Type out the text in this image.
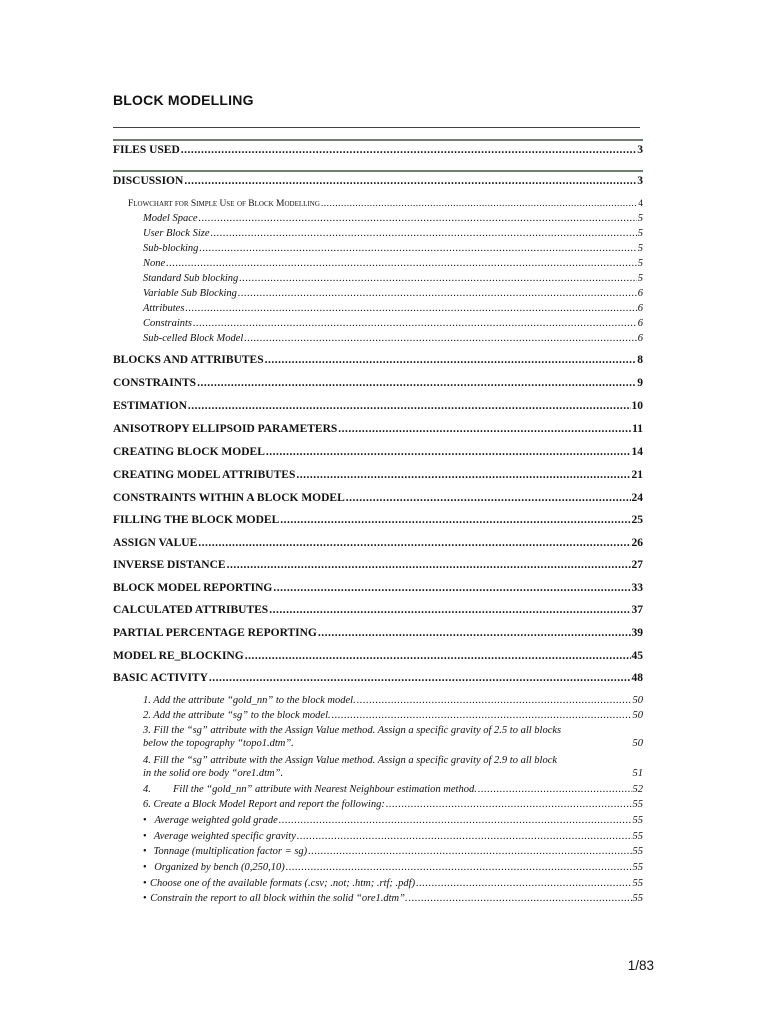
BLOCK MODELLING
FILES USED .....	3
DISCUSSION .....	3
Flowchart for Simple Use of Block Modelling .....	4
Model Space .....	5
User Block Size .....	5
Sub-blocking .....	5
None .....	5
Standard Sub blocking .....	5
Variable Sub Blocking .....	6
Attributes .....	6
Constraints .....	6
Sub-celled Block Model .....	6
BLOCKS AND ATTRIBUTES .....	8
CONSTRAINTS .....	9
ESTIMATION .....	10
ANISOTROPY ELLIPSOID PARAMETERS .....	11
CREATING BLOCK MODEL .....	14
CREATING MODEL ATTRIBUTES .....	21
CONSTRAINTS WITHIN A BLOCK MODEL .....	24
FILLING THE BLOCK MODEL .....	25
ASSIGN VALUE .....	26
INVERSE DISTANCE .....	27
BLOCK MODEL REPORTING .....	33
CALCULATED ATTRIBUTES .....	37
PARTIAL PERCENTAGE REPORTING .....	39
MODEL RE_BLOCKING .....	45
BASIC ACTIVITY .....	48
1. Add the attribute “gold_nn” to the block model. .....	50
2. Add the attribute “sg” to the block model. .....	50
3. Fill the “sg” attribute with the Assign Value method. Assign a specific gravity of 2.5 to all blocks
below the topography “topo1.dtm”.	50
4. Fill the “sg” attribute with the Assign Value method. Assign a specific gravity of 2.9 to all block
in the solid ore body “ore1.dtm”.	51
4.	Fill the “gold_nn” attribute with Nearest Neighbour estimation method. .....	52
6. Create a Block Model Report and report the following: .....	55
• Average weighted gold grade .....	55
• Average weighted specific gravity .....	55
• Tonnage (multiplication factor = sg) .....	55
• Organized by bench (0,250,10) .....	55
• Choose one of the available formats (.csv; .not; .htm; .rtf; .pdf) .....	55
• Constrain the report to all block within the solid “ore1.dtm”. .....	55
1/83
